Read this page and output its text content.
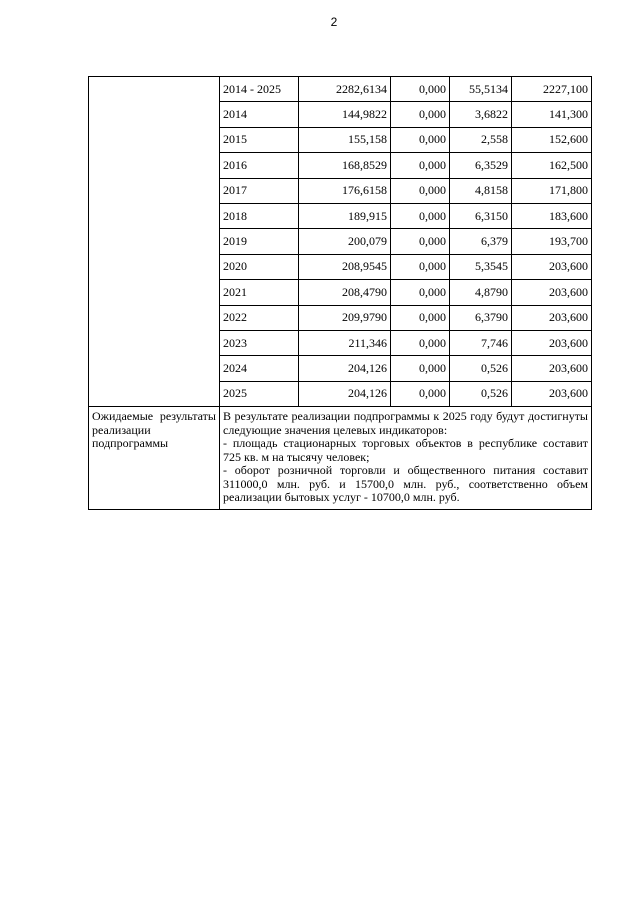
2
	2014 - 2025	2282,6134	0,000	55,5134	2227,100
	2014	144,9822	0,000	3,6822	141,300
	2015	155,158	0,000	2,558	152,600
	2016	168,8529	0,000	6,3529	162,500
	2017	176,6158	0,000	4,8158	171,800
	2018	189,915	0,000	6,3150	183,600
	2019	200,079	0,000	6,379	193,700
	2020	208,9545	0,000	5,3545	203,600
	2021	208,4790	0,000	4,8790	203,600
	2022	209,9790	0,000	6,3790	203,600
	2023	211,346	0,000	7,746	203,600
	2024	204,126	0,000	0,526	203,600
	2025	204,126	0,000	0,526	203,600

Ожидаемые результаты реализации подпрограммы	В результате реализации подпрограммы к 2025 году будут достигнуты следующие значения целевых индикаторов:
- площадь стационарных торговых объектов в республике составит 725 кв. м на тысячу человек;
- оборот розничной торговли и общественного питания составит 311000,0 млн. руб. и 15700,0 млн. руб., соответственно объем реализации бытовых услуг - 10700,0 млн. руб.				
